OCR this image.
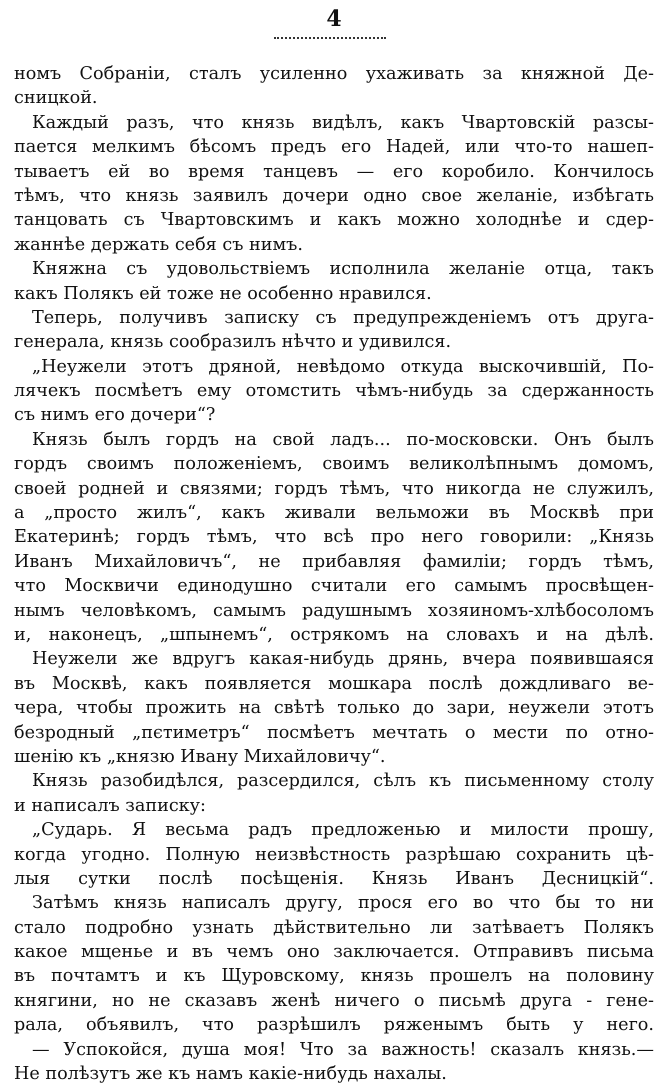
4
номъ Собраніи, сталъ усиленно ухаживать за княжной Де-
сницкой.
Каждый разъ, что князь видѣлъ, какъ Чвартовскій разсы-
пается мелкимъ бѣсомъ предъ его Надей, или что-то нашеп-
тываетъ ей во время танцевъ — его коробило. Кончилось
тѣмъ, что князь заявилъ дочери одно свое желаніе, избѣгать
танцовать съ Чвартовскимъ и какъ можно холоднѣе и сдер-
жаннѣе держать себя съ нимъ.
Княжна съ удовольствіемъ исполнила желаніе отца, такъ
какъ Полякъ ей тоже не особенно нравился.
Теперь, получивъ записку съ предупрежденіемъ отъ друга-
генерала, князь сообразилъ нѣчто и удивился.
„Неужели этотъ дряной, невѣдомо откуда выскочившій, По-
лячекъ посмѣетъ ему отомстить чѣмъ-нибудь за сдержанность
съ нимъ его дочери“?
Князь былъ гордъ на свой ладъ... по-московски. Онъ былъ
гордъ своимъ положеніемъ, своимъ великолѣпнымъ домомъ,
своей родней и связями; гордъ тѣмъ, что никогда не служилъ,
а „просто жилъ“, какъ живали вельможи въ Москвѣ при
Екатеринѣ; гордъ тѣмъ, что всѣ про него говорили: „Князь
Иванъ Михайловичъ“, не прибавляя фамиліи; гордъ тѣмъ,
что Москвичи единодушно считали его самымъ просвѣщен-
нымъ человѣкомъ, самымъ радушнымъ хозяиномъ-хлѣбосоломъ
и, наконецъ, „шпынемъ“, острякомъ на словахъ и на дѣлѣ.
Неужели же вдругъ какая-нибудь дрянь, вчера появившаяся
въ Москвѣ, какъ появляется мошкара послѣ дождливаго ве-
чера, чтобы прожить на свѣтѣ только до зари, неужели этотъ
безродный „пєтиметръ“ посмѣетъ мечтать о мести по отно-
шенію къ „князю Ивану Михайловичу“.
Князь разобидѣлся, разсердился, сѣлъ къ письменному столу
и написалъ записку:
„Сударь. Я весьма радъ предложенью и милости прошу,
когда угодно. Полную неизвѣстность разрѣшаю сохранить цѣ-
лыя сутки послѣ посѣщенія. Князь Иванъ Десницкій“.
Затѣмъ князь написалъ другу, прося его во что бы то ни
стало подробно узнать дѣйствительно ли затѣваетъ Полякъ
какое мщенье и въ чемъ оно заключается. Отправивъ письма
въ почтамтъ и къ Щуровскому, князь прошелъ на половину
княгини, но не сказавъ женѣ ничего о письмѣ друга - гене-
рала, объявилъ, что разрѣшилъ ряженымъ быть у него.
— Успокойся, душа моя! Что за важность! сказалъ князь.—
Не полѣзутъ же къ намъ какіе-нибудь нахалы.
